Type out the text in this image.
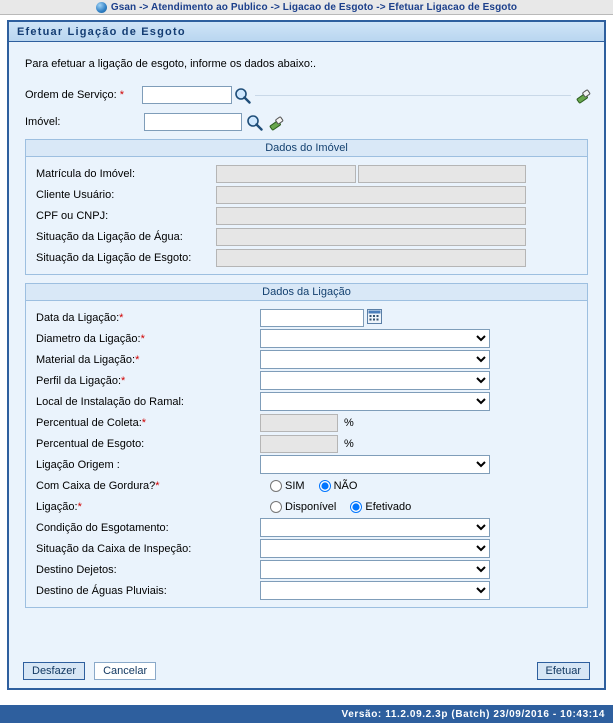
Gsan -> Atendimento ao Publico -> Ligacao de Esgoto -> Efetuar Ligacao de Esgoto
Efetuar Ligação de Esgoto
Para efetuar a ligação de esgoto, informe os dados abaixo:.
Ordem de Serviço: *
Imóvel:
Dados do Imóvel
Matrícula do Imóvel:
Cliente Usuário:
CPF ou CNPJ:
Situação da Ligação de Água:
Situação da Ligação de Esgoto:
Dados da Ligação
Data da Ligação:*
Diametro da Ligação:*
Material da Ligação:*
Perfil da Ligação:*
Local de Instalação do Ramal:
Percentual de Coleta:*	%
Percentual de Esgoto:	%
Ligação Origem :
Com Caixa de Gordura?*	SIM	NÃO
Ligação:*	Disponível	Efetivado
Condição do Esgotamento:
Situação da Caixa de Inspeção:
Destino Dejetos:
Destino de Águas Pluviais:
Desfazer Cancelar	Efetuar
Versão: 11.2.09.2.3p (Batch) 23/09/2016 - 10:43:14
